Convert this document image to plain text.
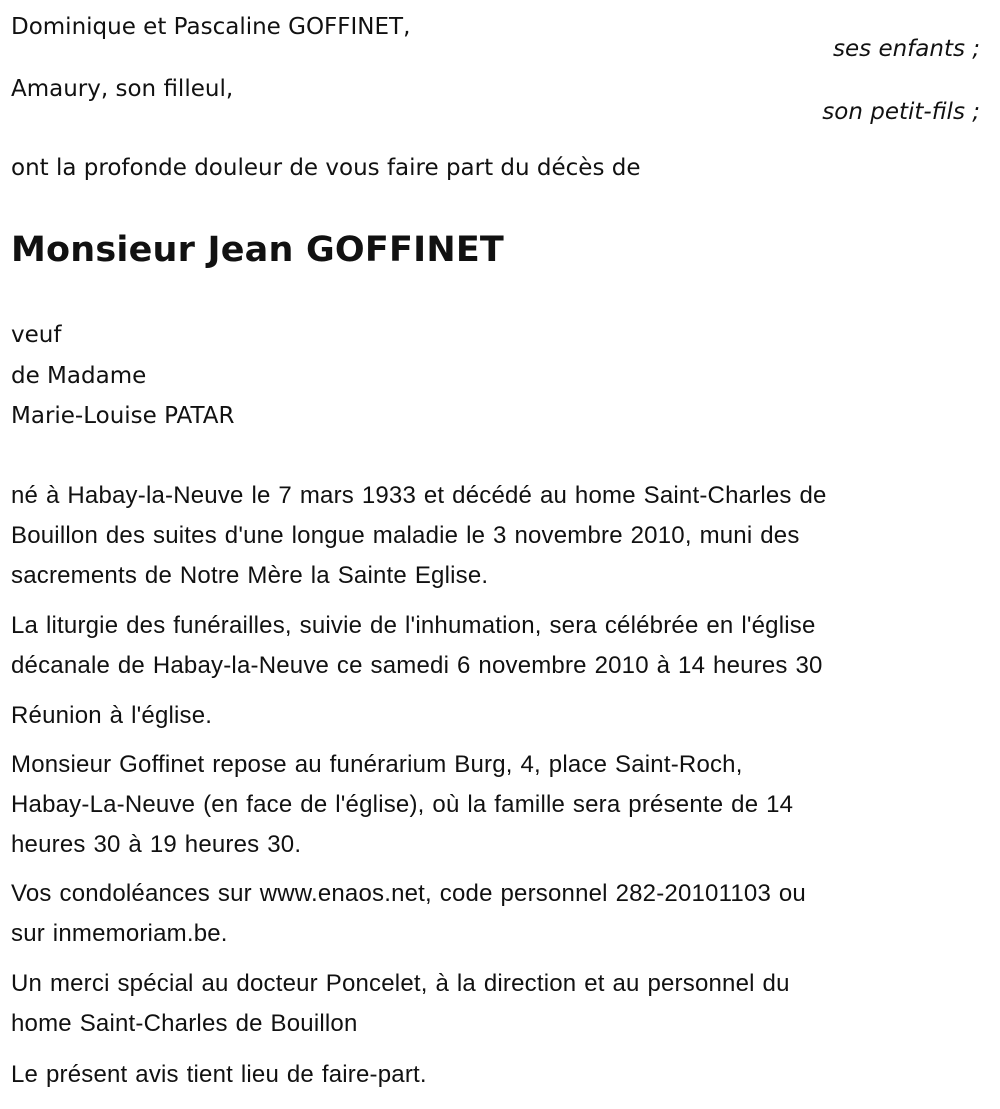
Dominique et Pascaline GOFFINET,
ses enfants ;
Amaury, son filleul,
son petit-fils ;
ont la profonde douleur de vous faire part du décès de
Monsieur Jean GOFFINET
veuf
de Madame
Marie-Louise PATAR
né à Habay-la-Neuve le 7 mars 1933 et décédé au home Saint-Charles de
Bouillon des suites d'une longue maladie le 3 novembre 2010, muni des
sacrements de Notre Mère la Sainte Eglise.
La liturgie des funérailles, suivie de l'inhumation, sera célébrée en l'église
décanale de Habay-la-Neuve ce samedi 6 novembre 2010 à 14 heures 30
Réunion à l'église.
Monsieur Goffinet repose au funérarium Burg, 4, place Saint-Roch,
Habay-La-Neuve (en face de l'église), où la famille sera présente de 14
heures 30 à 19 heures 30.
Vos condoléances sur www.enaos.net, code personnel 282-20101103 ou
sur inmemoriam.be.
Un merci spécial au docteur Poncelet, à la direction et au personnel du
home Saint-Charles de Bouillon
Le présent avis tient lieu de faire-part.
